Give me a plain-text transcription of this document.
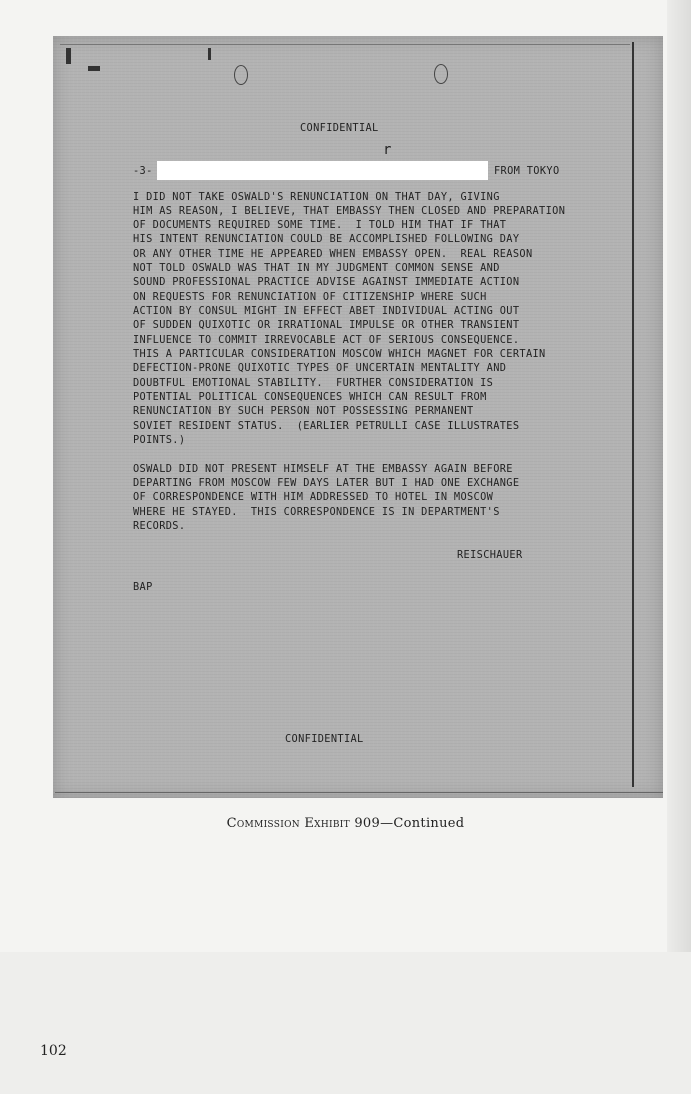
CONFIDENTIAL
r
-3-	FROM TOKYO
I DID NOT TAKE OSWALD'S RENUNCIATION ON THAT DAY, GIVING
HIM AS REASON, I BELIEVE, THAT EMBASSY THEN CLOSED AND PREPARATION
OF DOCUMENTS REQUIRED SOME TIME.  I TOLD HIM THAT IF THAT
HIS INTENT RENUNCIATION COULD BE ACCOMPLISHED FOLLOWING DAY
OR ANY OTHER TIME HE APPEARED WHEN EMBASSY OPEN.  REAL REASON
NOT TOLD OSWALD WAS THAT IN MY JUDGMENT COMMON SENSE AND
SOUND PROFESSIONAL PRACTICE ADVISE AGAINST IMMEDIATE ACTION
ON REQUESTS FOR RENUNCIATION OF CITIZENSHIP WHERE SUCH
ACTION BY CONSUL MIGHT IN EFFECT ABET INDIVIDUAL ACTING OUT
OF SUDDEN QUIXOTIC OR IRRATIONAL IMPULSE OR OTHER TRANSIENT
INFLUENCE TO COMMIT IRREVOCABLE ACT OF SERIOUS CONSEQUENCE.
THIS A PARTICULAR CONSIDERATION MOSCOW WHICH MAGNET FOR CERTAIN
DEFECTION-PRONE QUIXOTIC TYPES OF UNCERTAIN MENTALITY AND
DOUBTFUL EMOTIONAL STABILITY.  FURTHER CONSIDERATION IS
POTENTIAL POLITICAL CONSEQUENCES WHICH CAN RESULT FROM
RENUNCIATION BY SUCH PERSON NOT POSSESSING PERMANENT
SOVIET RESIDENT STATUS.  (EARLIER PETRULLI CASE ILLUSTRATES
POINTS.)
OSWALD DID NOT PRESENT HIMSELF AT THE EMBASSY AGAIN BEFORE
DEPARTING FROM MOSCOW FEW DAYS LATER BUT I HAD ONE EXCHANGE
OF CORRESPONDENCE WITH HIM ADDRESSED TO HOTEL IN MOSCOW
WHERE HE STAYED.  THIS CORRESPONDENCE IS IN DEPARTMENT'S
RECORDS.
REISCHAUER
BAP
CONFIDENTIAL
Commission Exhibit 909—Continued
102
